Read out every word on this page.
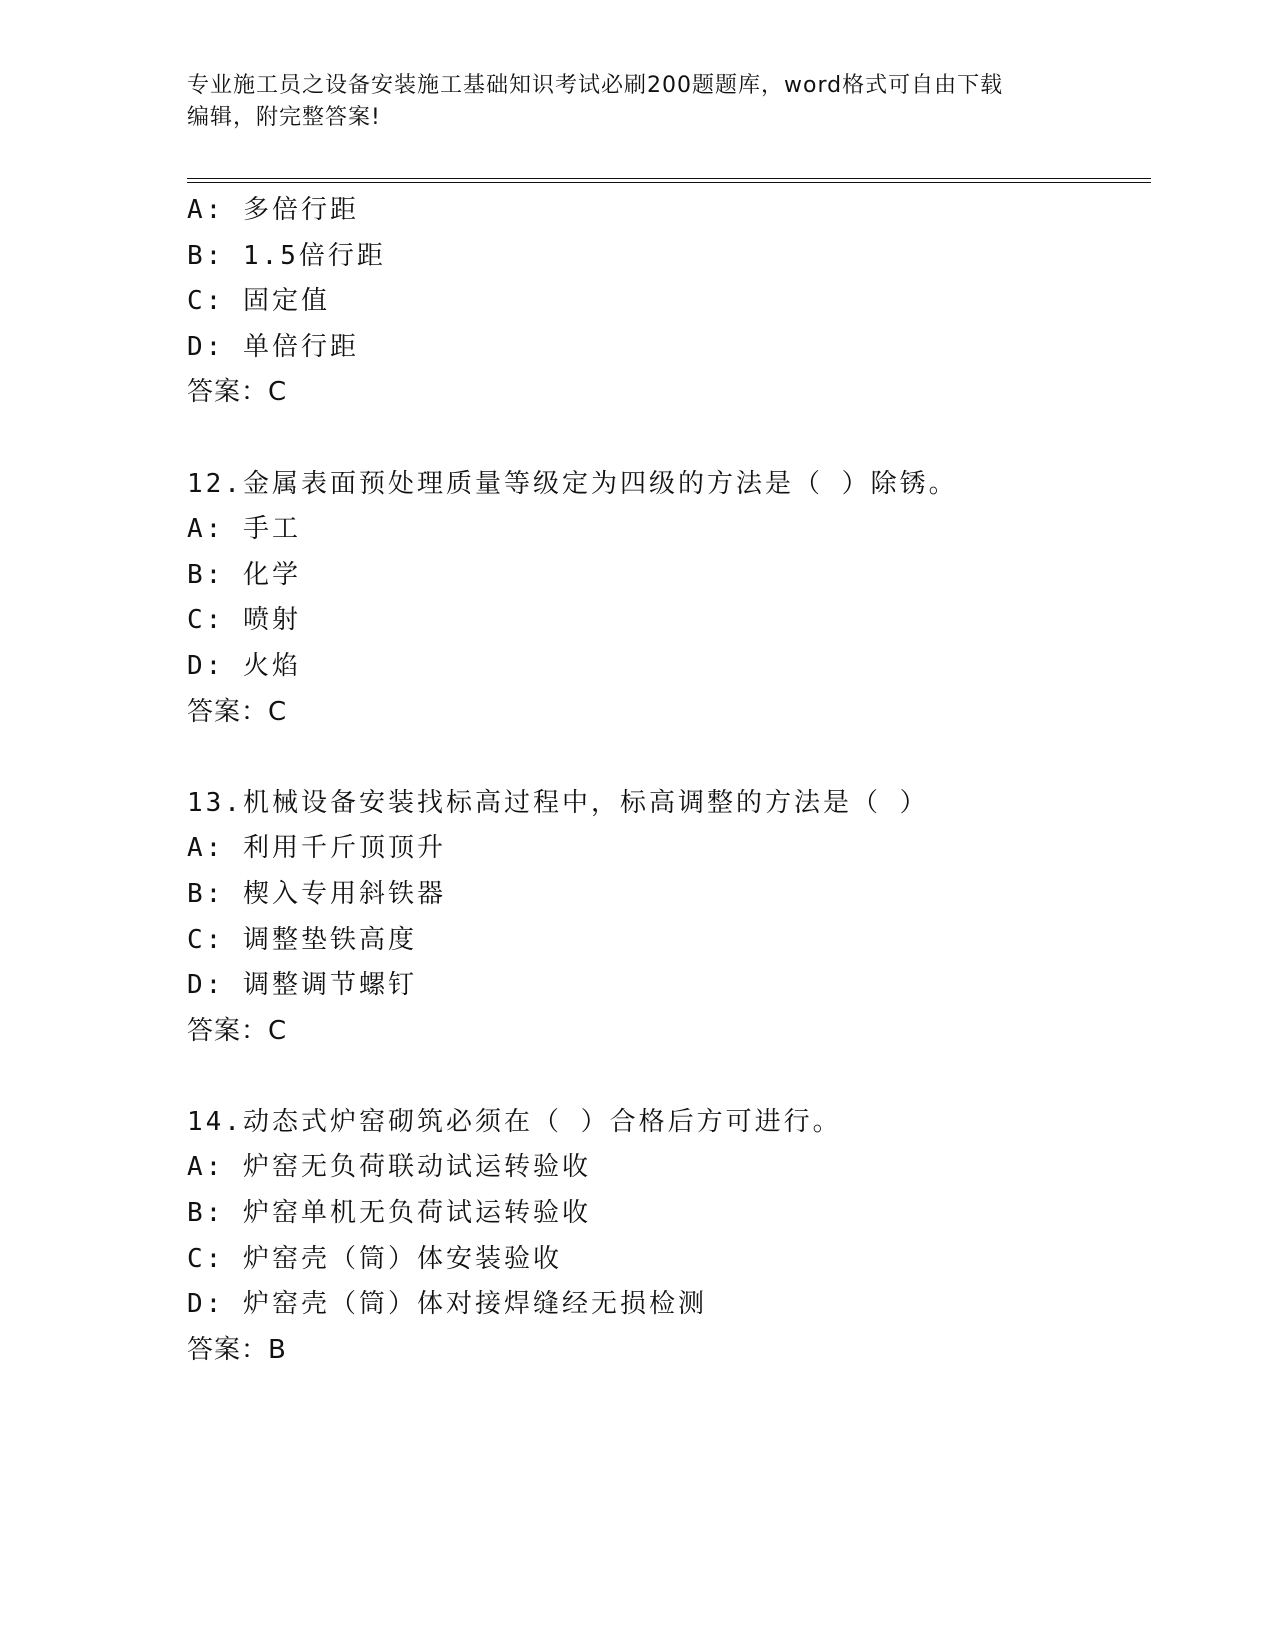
专业施工员之设备安装施工基础知识考试必刷200题题库，word格式可自由下载
编辑，附完整答案!
A: 多倍行距
B: 1.5倍行距
C: 固定值
D: 单倍行距
答案：C
12.金属表面预处理质量等级定为四级的方法是（ ）除锈。
A: 手工
B: 化学
C: 喷射
D: 火焰
答案：C
13.机械设备安装找标高过程中，标高调整的方法是（ ）
A: 利用千斤顶顶升
B: 楔入专用斜铁器
C: 调整垫铁高度
D: 调整调节螺钉
答案：C
14.动态式炉窑砌筑必须在（ ）合格后方可进行。
A: 炉窑无负荷联动试运转验收
B: 炉窑单机无负荷试运转验收
C: 炉窑壳（筒）体安装验收
D: 炉窑壳（筒）体对接焊缝经无损检测
答案：B
